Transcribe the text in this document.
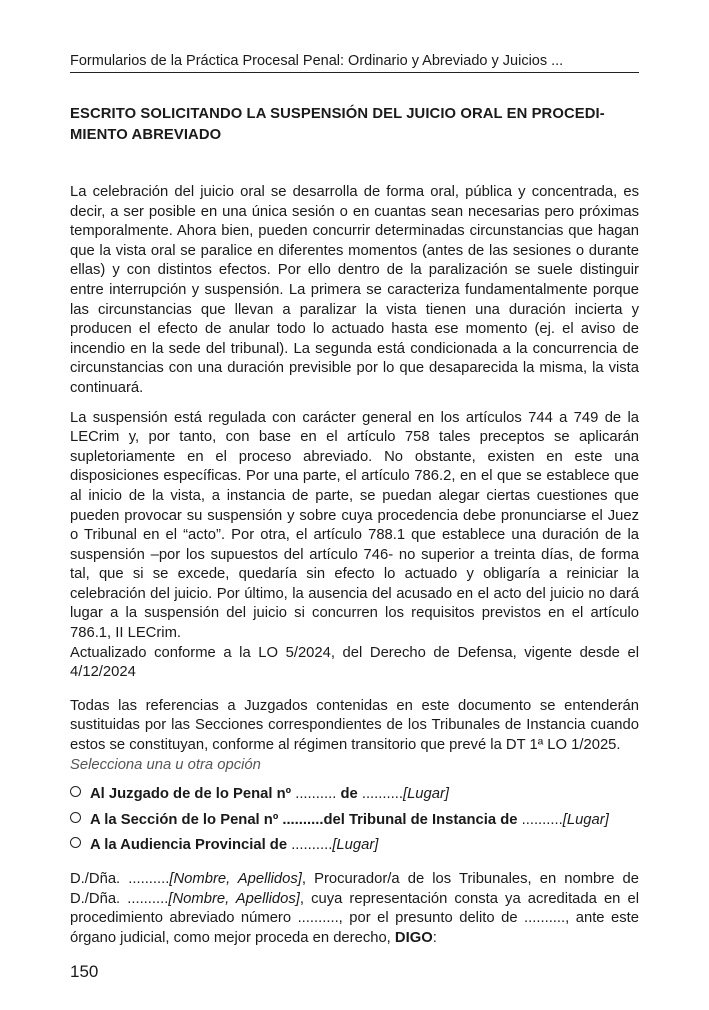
Formularios de la Práctica Procesal Penal: Ordinario y Abreviado y Juicios ...
ESCRITO SOLICITANDO LA SUSPENSIÓN DEL JUICIO ORAL EN PROCEDI-
MIENTO ABREVIADO

La celebración del juicio oral se desarrolla de forma oral, pública y concentrada, es decir, a ser posible en una única sesión o en cuantas sean necesarias pero próximas temporalmente. Ahora bien, pueden concurrir determinadas circunstancias que hagan que la vista oral se paralice en diferentes momentos (antes de las sesiones o durante ellas) y con distintos efectos. Por ello dentro de la paralización se suele distinguir entre interrupción y suspensión. La primera se caracteriza fundamentalmente porque las circunstancias que llevan a paralizar la vista tienen una duración incierta y producen el efecto de anular todo lo actuado hasta ese momento (ej. el aviso de incendio en la sede del tribunal). La segunda está condicionada a la concurrencia de circunstancias con una duración previsible por lo que desaparecida la misma, la vista continuará.

La suspensión está regulada con carácter general en los artículos 744 a 749 de la LECrim y, por tanto, con base en el artículo 758 tales preceptos se aplicarán supletoriamente en el proceso abreviado. No obstante, existen en este una disposiciones específicas. Por una parte, el artículo 786.2, en el que se establece que al inicio de la vista, a instancia de parte, se puedan alegar ciertas cuestiones que pueden provocar su suspensión y sobre cuya procedencia debe pronunciarse el Juez o Tribunal en el “acto”. Por otra, el artículo 788.1 que establece una duración de la suspensión –por los supuestos del artículo 746- no superior a treinta días, de forma tal, que si se excede, quedaría sin efecto lo actuado y obligaría a reiniciar la celebración del juicio. Por último, la ausencia del acusado en el acto del juicio no dará lugar a la suspensión del juicio si concurren los requisitos previstos en el artículo 786.1, II LECrim.

Actualizado conforme a la LO 5/2024, del Derecho de Defensa, vigente desde el 4/12/2024

Todas las referencias a Juzgados contenidas en este documento se entenderán sustituidas por las Secciones correspondientes de los Tribunales de Instancia cuando estos se constituyan, conforme al régimen transitorio que prevé la DT 1ª LO 1/2025.

Selecciona una u otra opción

Al Juzgado de de lo Penal nº .......... de ..........[Lugar]
A la Sección de lo Penal nº ..........del Tribunal de Instancia de ..........[Lugar]
A la Audiencia Provincial de ..........[Lugar]

D./Dña. ..........[Nombre, Apellidos], Procurador/a de los Tribunales, en nombre de D./Dña. ..........[Nombre, Apellidos], cuya representación consta ya acreditada en el procedimiento abreviado número .........., por el presunto delito de .........., ante este órgano judicial, como mejor proceda en derecho, DIGO:

150
